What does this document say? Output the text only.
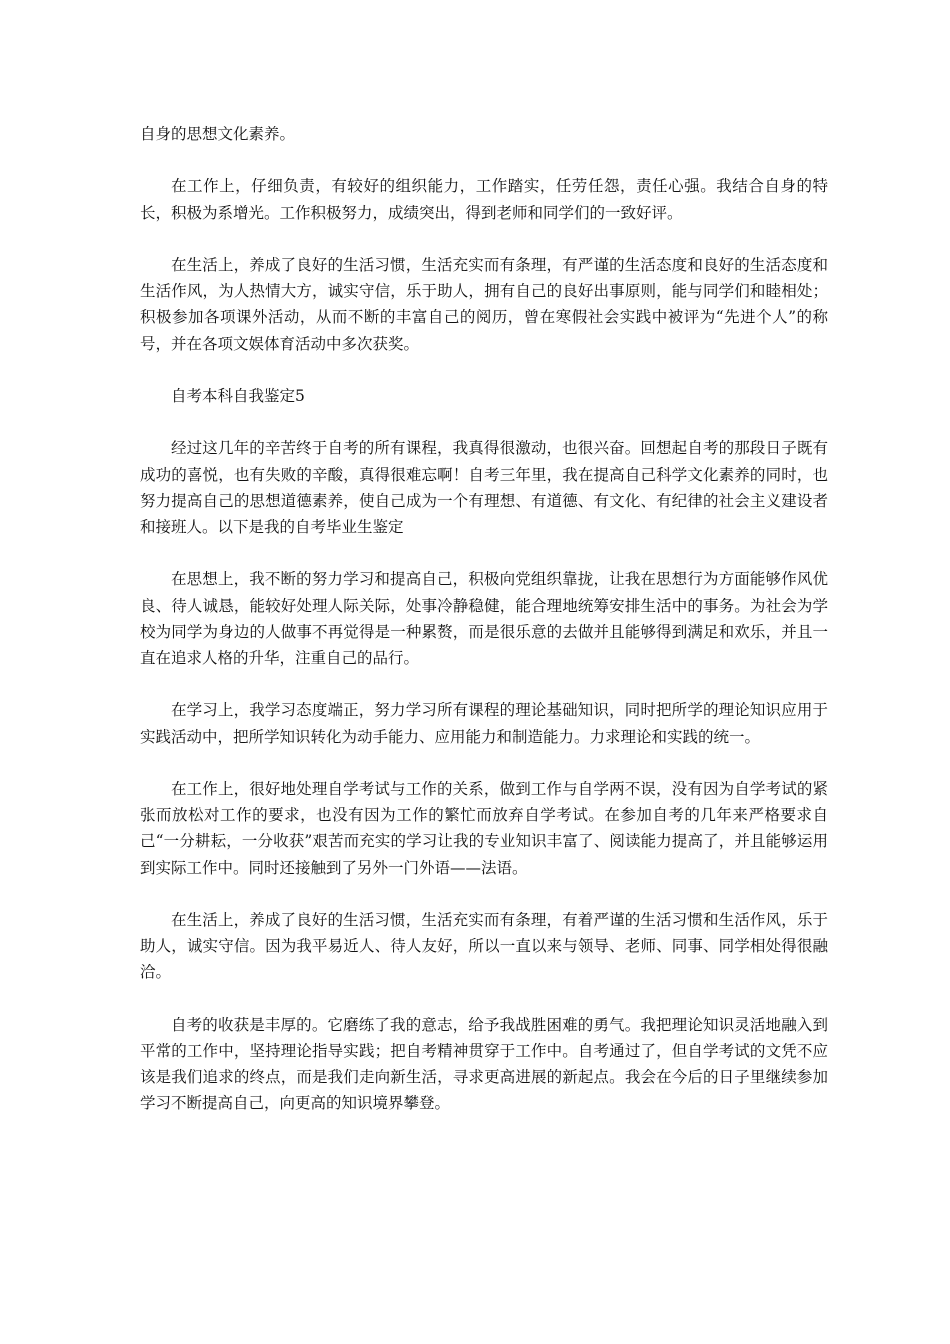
自身的思想文化素养。

在工作上，仔细负责，有较好的组织能力，工作踏实，任劳任怨，责任心强。我结合自身的特长，积极为系增光。工作积极努力，成绩突出，得到老师和同学们的一致好评。

在生活上，养成了良好的生活习惯，生活充实而有条理，有严谨的生活态度和良好的生活态度和生活作风，为人热情大方，诚实守信，乐于助人，拥有自己的良好出事原则，能与同学们和睦相处；积极参加各项课外活动，从而不断的丰富自己的阅历，曾在寒假社会实践中被评为“先进个人”的称号，并在各项文娱体育活动中多次获奖。

自考本科自我鉴定5

经过这几年的辛苦终于自考的所有课程，我真得很激动，也很兴奋。回想起自考的那段日子既有成功的喜悦，也有失败的辛酸，真得很难忘啊！自考三年里，我在提高自己科学文化素养的同时，也努力提高自己的思想道德素养，使自己成为一个有理想、有道德、有文化、有纪律的社会主义建设者和接班人。以下是我的自考毕业生鉴定

在思想上，我不断的努力学习和提高自己，积极向党组织靠拢，让我在思想行为方面能够作风优良、待人诚恳，能较好处理人际关际，处事冷静稳健，能合理地统筹安排生活中的事务。为社会为学校为同学为身边的人做事不再觉得是一种累赘，而是很乐意的去做并且能够得到满足和欢乐，并且一直在追求人格的升华，注重自己的品行。

在学习上，我学习态度端正，努力学习所有课程的理论基础知识，同时把所学的理论知识应用于实践活动中，把所学知识转化为动手能力、应用能力和制造能力。力求理论和实践的统一。

在工作上，很好地处理自学考试与工作的关系，做到工作与自学两不误，没有因为自学考试的紧张而放松对工作的要求，也没有因为工作的繁忙而放弃自学考试。在参加自考的几年来严格要求自己“一分耕耘，一分收获”艰苦而充实的学习让我的专业知识丰富了、阅读能力提高了，并且能够运用到实际工作中。同时还接触到了另外一门外语——法语。

在生活上，养成了良好的生活习惯，生活充实而有条理，有着严谨的生活习惯和生活作风，乐于助人，诚实守信。因为我平易近人、待人友好，所以一直以来与领导、老师、同事、同学相处得很融洽。

自考的收获是丰厚的。它磨练了我的意志，给予我战胜困难的勇气。我把理论知识灵活地融入到平常的工作中，坚持理论指导实践；把自考精神贯穿于工作中。自考通过了，但自学考试的文凭不应该是我们追求的终点，而是我们走向新生活，寻求更高进展的新起点。我会在今后的日子里继续参加学习不断提高自己，向更高的知识境界攀登。
